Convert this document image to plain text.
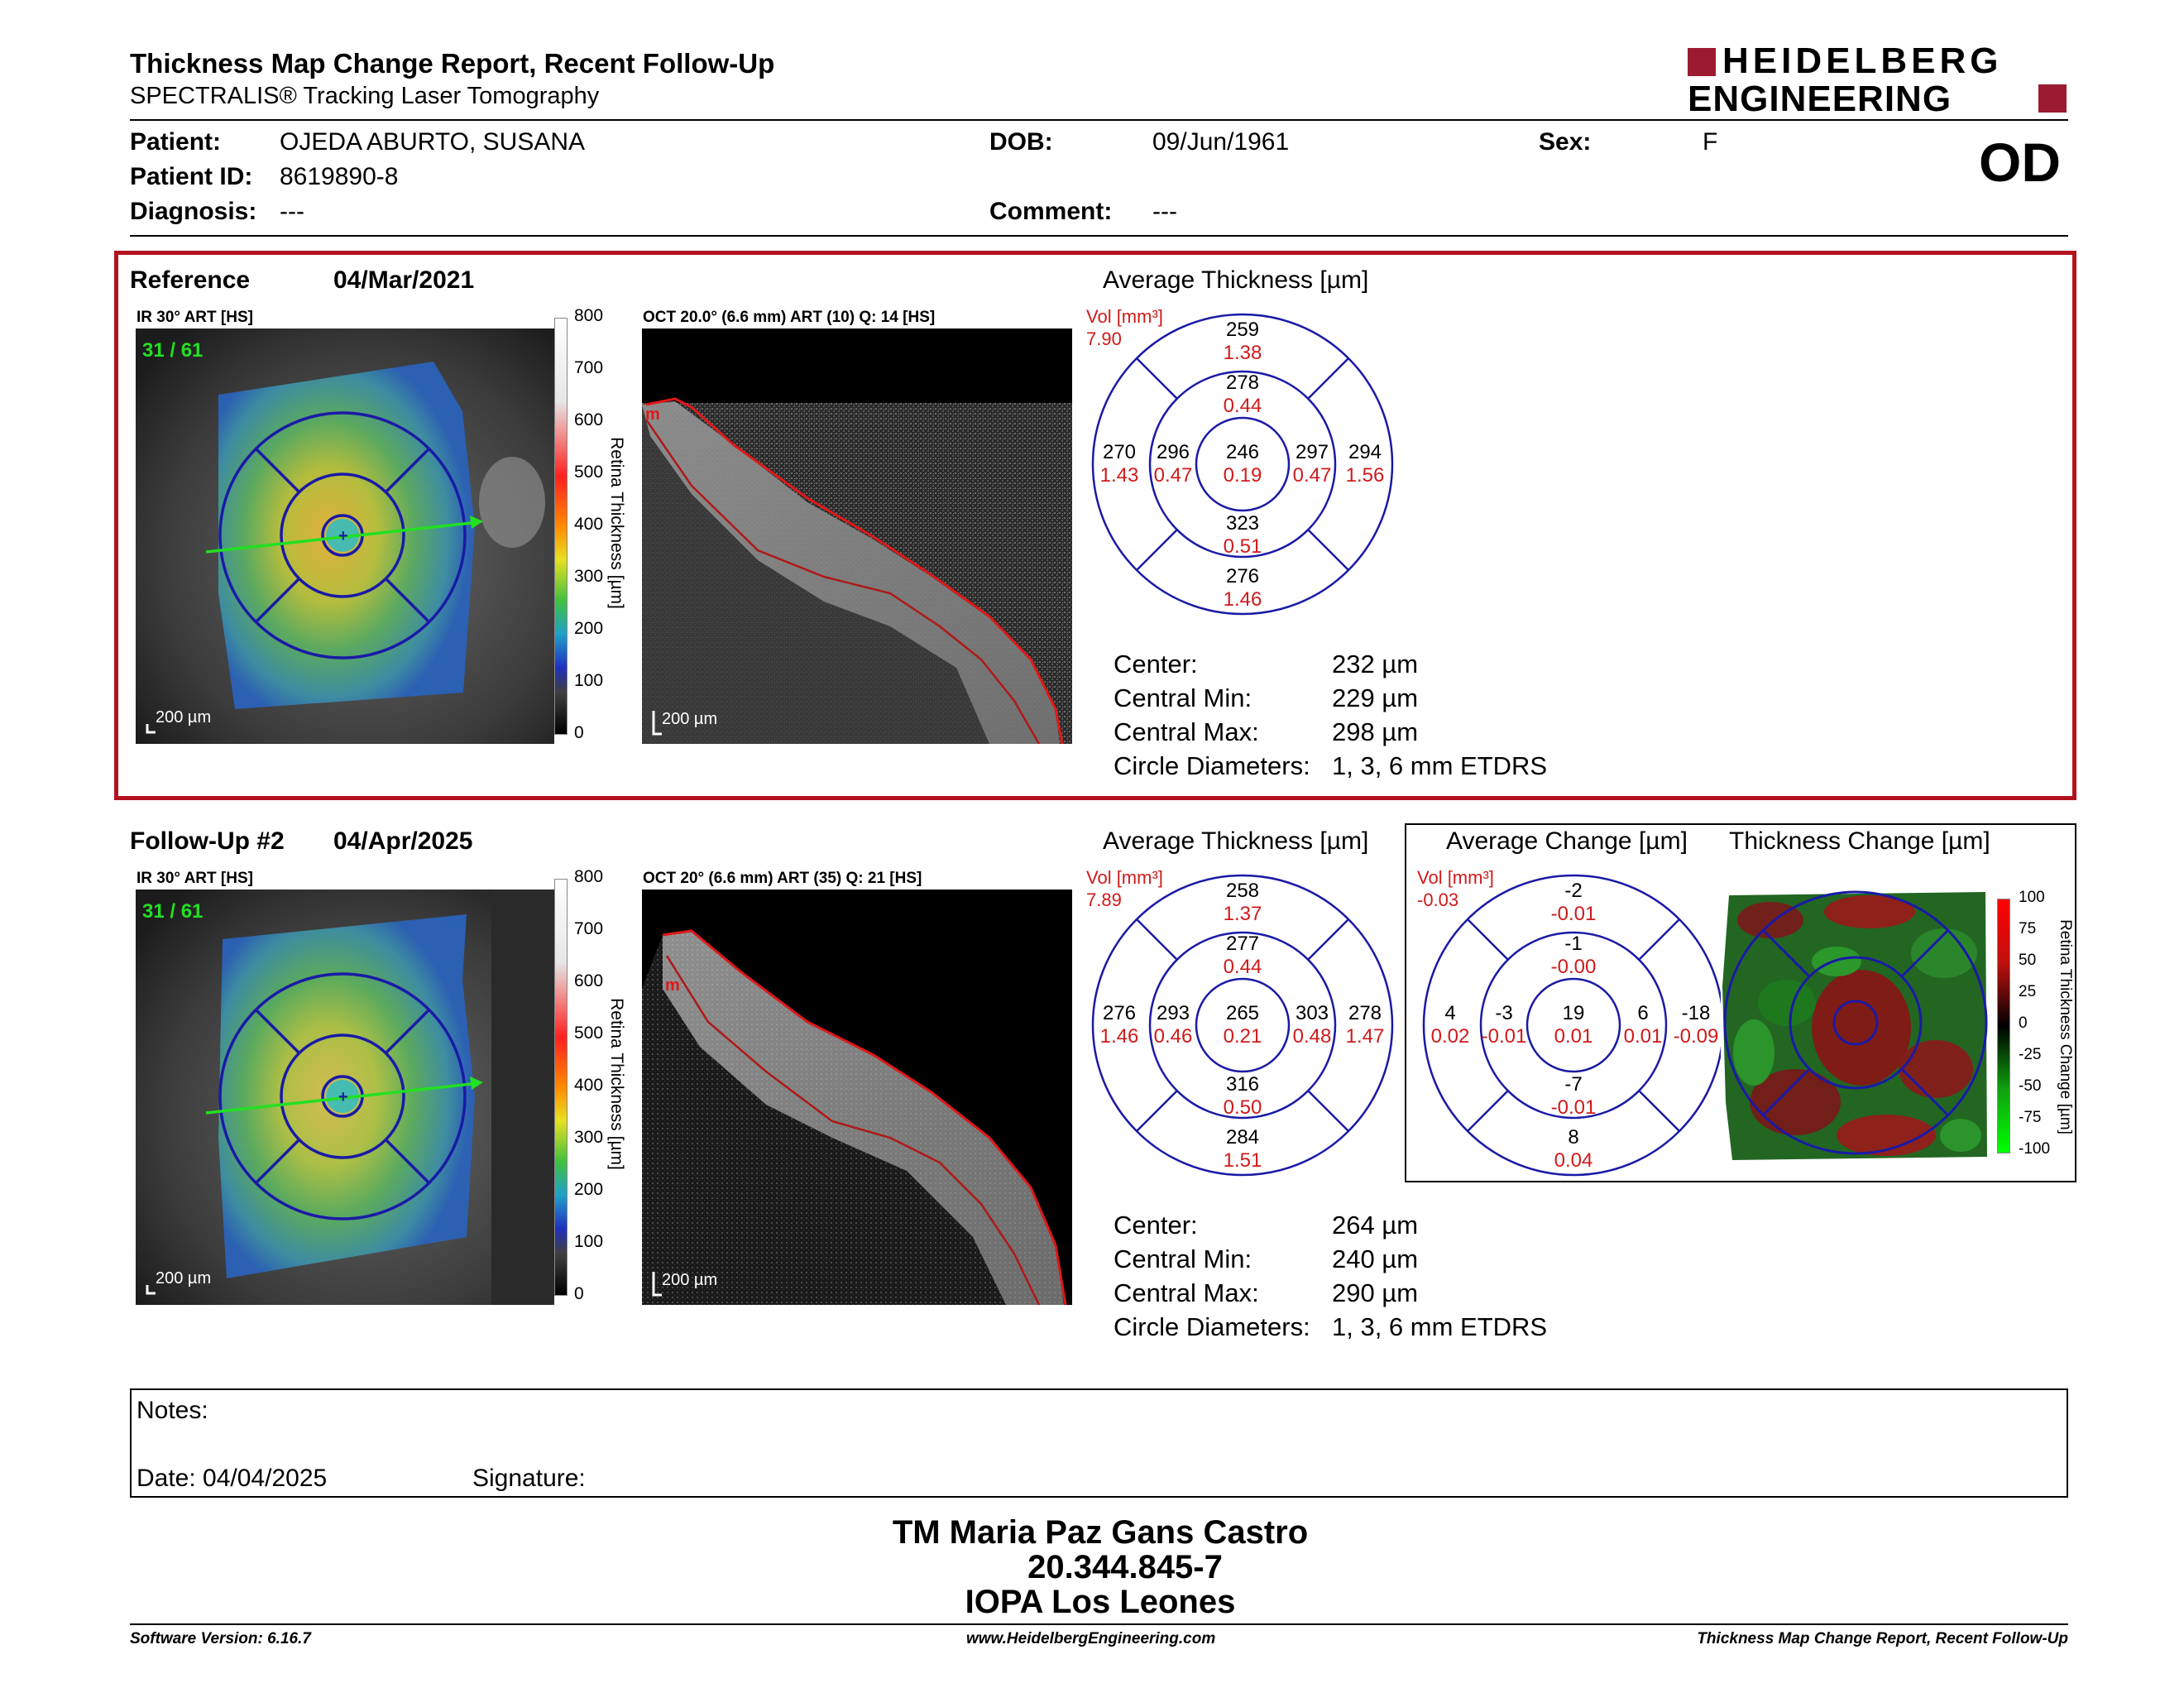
Thickness Map Change Report, Recent Follow-Up
SPECTRALIS® Tracking Laser Tomography
HEIDELBERG
ENGINEERING
Patient: OJEDA ABURTO, SUSANA
Patient ID: 8619890-8
Diagnosis: ---
DOB:	09/Jun/1961
Comment: ---
Sex:	F	OD
Reference	04/Mar/2021
IR 30° ART [HS]
+
31 / 61
200 µm
800
700
600
500
400
300
200
100
0
Retina Thickness [µm]
OCT 20.0° (6.6 mm) ART (10) Q: 14 [HS]
m
200 µm
Average Thickness [µm]
Vol [mm³]
7.90	259
1.38
278
0.44
270
1.43
296
0.47
246
0.19
297
0.47
294
1.56
323
0.51
276
1.46
Center:	232 µm
Central Min:	229 µm
Central Max:	298 µm
Circle Diameters: 1, 3, 6 mm ETDRS
Follow-Up #2 04/Apr/2025
IR 30° ART [HS]
+
31 / 61
200 µm
800
700
600
500
400
300
200
100
0
Retina Thickness [µm]
OCT 20° (6.6 mm) ART (35) Q: 21 [HS]
m
200 µm
Average Thickness [µm]
Vol [mm³]
7.89	258
1.37
277
0.44
276
1.46
293
0.46
265
0.21
303
0.48
278
1.47
316
0.50
284
1.51
Average Change [µm] Thickness Change [µm]
Vol [mm³]
-0.03	-2
-0.01
-1
-0.00
4
0.02
-3
-0.01
19
0.01
6
0.01
-18
-0.09
-7
-0.01
8
0.04
100
75
50
25
0
-25
-50
-75
-100
Retina Thickness Change [µm]
Center:	264 µm
Central Min:	240 µm
Central Max:	290 µm
Circle Diameters: 1, 3, 6 mm ETDRS
Notes:
Date: 04/04/2025	Signature:
TM Maria Paz Gans Castro
20.344.845-7
IOPA Los Leones
Software Version: 6.16.7	www.HeidelbergEngineering.com	Thickness Map Change Report, Recent Follow-Up
